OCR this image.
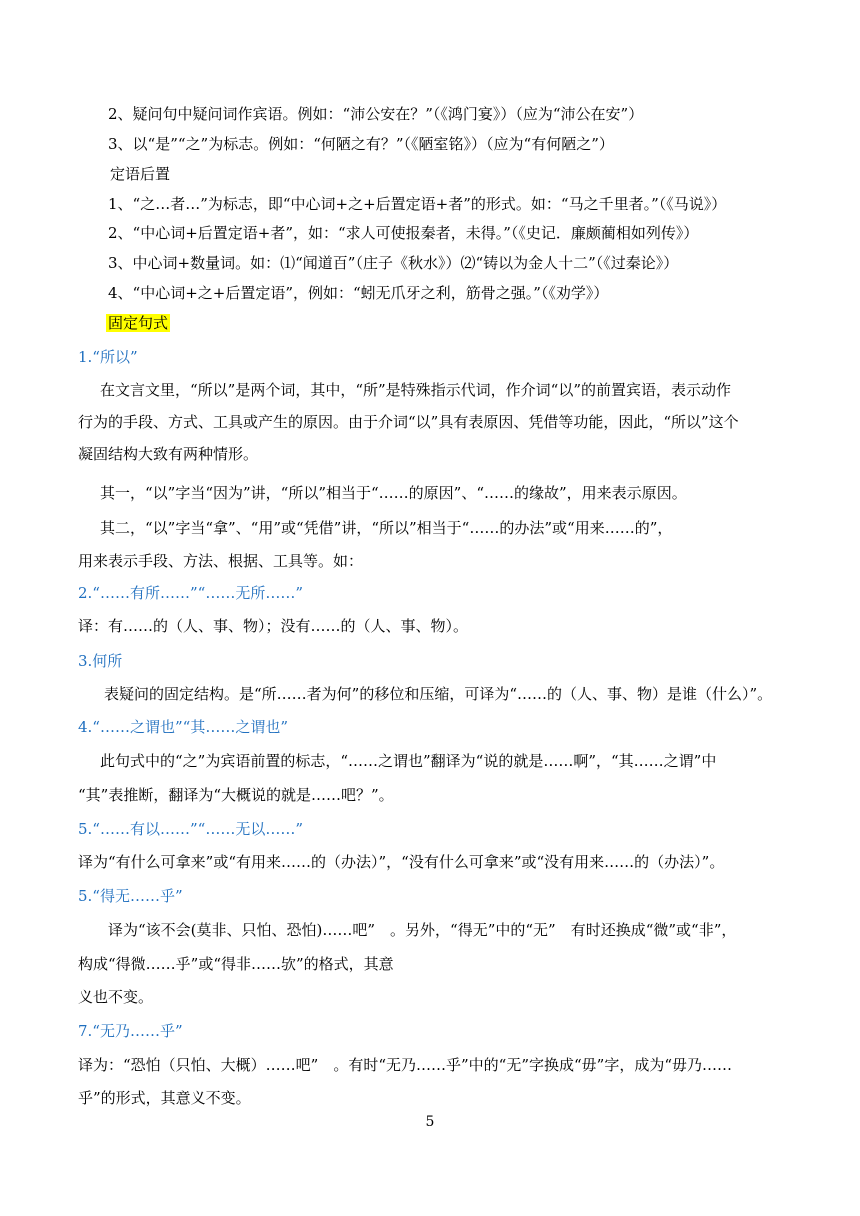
2、疑问句中疑问词作宾语。例如：“沛公安在？”（《鸿门宴》）（应为“沛公在安”）
3、以“是”“之”为标志。例如：“何陋之有？”（《陋室铭》）（应为“有何陋之”）
定语后置
1、“之…者…”为标志，即“中心词+之+后置定语+者”的形式。如：“马之千里者。”（《马说》）
2、“中心词+后置定语+者”，如：“求人可使报秦者，未得。”（《史记．廉颇蔺相如列传》）
3、中心词+数量词。如：⑴“闻道百”（庄子《秋水》）⑵“铸以为金人十二”（《过秦论》）
4、“中心词+之+后置定语”，例如：“蚓无爪牙之利，筋骨之强。”（《劝学》）
固定句式
1.“所以”
在文言文里，“所以”是两个词，其中，“所”是特殊指示代词，作介词“以”的前置宾语，表示动作
行为的手段、方式、工具或产生的原因。由于介词“以”具有表原因、凭借等功能，因此，“所以”这个
凝固结构大致有两种情形。
其一，“以”字当“因为”讲，“所以”相当于“……的原因”、“……的缘故”，用来表示原因。
其二，“以”字当“拿”、“用”或“凭借”讲，“所以”相当于“……的办法”或“用来……的”，
用来表示手段、方法、根据、工具等。如：
2.“……有所……”“……无所……”
译：有……的（人、事、物）；没有……的（人、事、物）。
3.何所
表疑问的固定结构。是“所……者为何”的移位和压缩，可译为“……的（人、事、物）是谁（什么）”。
4.“……之谓也”“其……之谓也”
此句式中的“之”为宾语前置的标志，“……之谓也”翻译为“说的就是……啊”，“其……之谓”中
“其”表推断，翻译为“大概说的就是……吧？”。
5.“……有以……”“……无以……”
译为“有什么可拿来”或“有用来……的（办法）”，“没有什么可拿来”或“没有用来……的（办法）”。
5.“得无……乎”
译为“该不会(莫非、只怕、恐怕)……吧”　。另外，“得无”中的“无”　有时还换成“微”或“非”，
构成“得微……乎”或“得非……欤”的格式，其意
义也不变。
7.“无乃……乎”
译为：“恐怕（只怕、大概）……吧”　。有时“无乃……乎”中的“无”字换成“毋”字，成为“毋乃……
乎”的形式，其意义不变。
5
